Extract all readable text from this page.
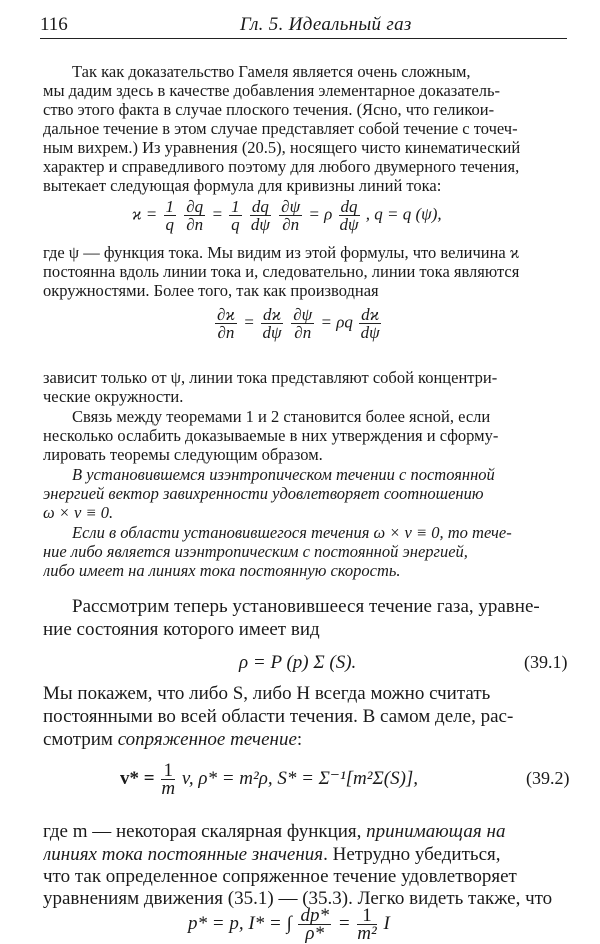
116	Гл. 5. Идеальный газ
Так как доказательство Гамеля является очень сложным,
мы дадим здесь в качестве добавления элементарное доказатель-
ство этого факта в случае плоского течения. (Ясно, что геликои-
дальное течение в этом случае представляет собой течение с точеч-
ным вихрем.) Из уравнения (20.5), носящего чисто кинематический
характер и справедливого поэтому для любого двумерного течения,
вытекает следующая формула для кривизны линий тока:
$ϰ = \frac{1}{q}$
$\frac{\partial q}{\partial n} = \frac{1}{q}$
$\frac{dq}{d\psi}$
$\frac{\partial\psi}{\partial n} = \rho \frac{dq}{d\psi}$ , q = q (ψ),
где ψ — функция тока. Мы видим из этой формулы, что величина ϰ
постоянна вдоль линии тока и, следовательно, линии тока являются
окружностями. Более того, так как производная
$\frac{\partial ϰ}{\partial n} = \frac{dϰ}{d\psi}$
$\frac{\partial\psi}{\partial n} = \rho q \frac{dϰ}{d\psi}$
зависит только от ψ, линии тока представляют собой концентри-
ческие окружности.
Связь между теоремами 1 и 2 становится более ясной, если
несколько ослабить доказываемые в них утверждения и сформу-
лировать теоремы следующим образом.
В установившемся изэнтропическом течении с постоянной
энергией вектор завихренности удовлетворяет соотношению
ω × v ≡ 0.
Если в области установившегося течения ω × v ≡ 0, то тече-
ние либо является изэнтропическим с постоянной энергией,
либо имеет на линиях тока постоянную скорость.
Рассмотрим теперь установившееся течение газа, уравне-
ние состояния которого имеет вид
ρ = P (p) Σ (S).	(39.1)
Мы покажем, что либо S, либо H всегда можно считать
постоянными во всей области течения. В самом деле, рас-
смотрим сопряженное течение:
$v* = \frac{1}{m} v$, ρ* = m²ρ, S* = Σ⁻¹[m²Σ(S)],	(39.2)
где m — некоторая скалярная функция, принимающая на
линиях тока постоянные значения. Нетрудно убедиться,
что так определенное сопряженное течение удовлетворяет
уравнениям движения (35.1) — (35.3). Легко видеть также, что
p* = p, I* = ∫ $\frac{dp*}{\rho*} = \frac{1}{\text{m²}}$ I
